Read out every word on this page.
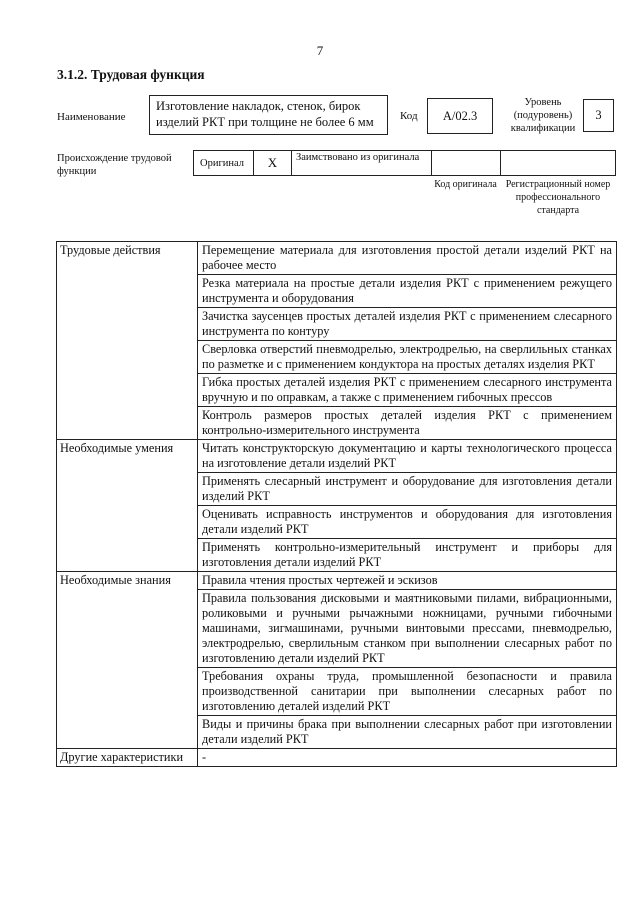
7
3.1.2. Трудовая функция
Наименование
Изготовление накладок, стенок, бирок изделий РКТ при толщине не более 6 мм	Код А/02.3
Уровень (подуровень) квалификации
3
Происхождение трудовой функции
Оригинал	X	Заимствовано из оригинала
Код оригинала Регистрационный номер профессионального стандарта
Трудовые действия	Перемещение материала для изготовления простой детали изделий РКТ на рабочее место
	Резка материала на простые детали изделия РКТ с применением режущего инструмента и оборудования
	Зачистка заусенцев простых деталей изделия РКТ с применением слесарного инструмента по контуру
	Сверловка отверстий пневмодрелью, электродрелью, на сверлильных станках по разметке и с применением кондуктора на простых деталях изделия РКТ
	Гибка простых деталей изделия РКТ с применением слесарного инструмента вручную и по оправкам, а также с применением гибочных прессов
	Контроль размеров простых деталей изделия РКТ с применением контрольно-измерительного инструмента
Необходимые умения	Читать конструкторскую документацию и карты технологического процесса на изготовление детали изделий РКТ
	Применять слесарный инструмент и оборудование для изготовления детали изделий РКТ
	Оценивать исправность инструментов и оборудования для изготовления детали изделий РКТ
	Применять контрольно-измерительный инструмент и приборы для изготовления детали изделий РКТ
Необходимые знания	Правила чтения простых чертежей и эскизов
	Правила пользования дисковыми и маятниковыми пилами, вибрационными, роликовыми и ручными рычажными ножницами, ручными гибочными машинами, зигмашинами, ручными винтовыми прессами, пневмодрелью, электродрелью, сверлильным станком при выполнении слесарных работ по изготовлению детали изделий РКТ
	Требования охраны труда, промышленной безопасности и правила производственной санитарии при выполнении слесарных работ по изготовлению деталей изделий РКТ
	Виды и причины брака при выполнении слесарных работ при изготовлении детали изделий РКТ
Другие характеристики	-
